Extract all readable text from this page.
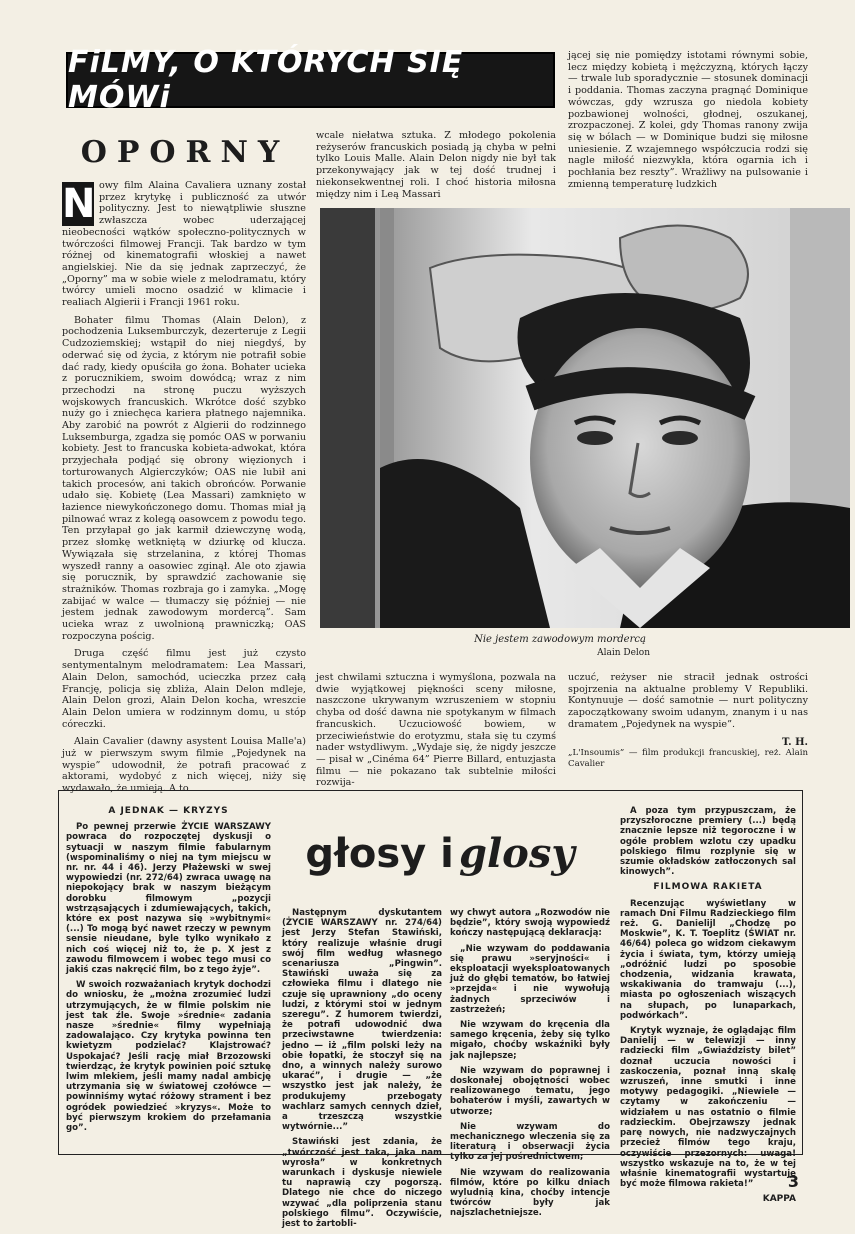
FiLMY, O KTÓRYCH SIĘ MÓWi
OPORNY

N owy film Alaina Cavaliera uznany został przez krytykę i publiczność za utwór polityczny. Jest to niewątpliwie słuszne zwłaszcza wobec uderzającej nieobecności wątków społeczno-politycznych w twórczości filmowej Francji. Tak bardzo w tym różnej od kinematografii włoskiej a nawet angielskiej. Nie da się jednak zaprzeczyć, że „Oporny” ma w sobie wiele z melodramatu, który twórcy umieli mocno osadzić w klimacie i realiach Algierii i Francji 1961 roku.

Bohater filmu Thomas (Alain Delon), z pochodzenia Luksemburczyk, dezerteruje z Legii Cudzoziemskiej; wstąpił do niej niegdyś, by oderwać się od życia, z którym nie potrafił sobie dać rady, kiedy opuściła go żona. Bohater ucieka z porucznikiem, swoim dowódcą; wraz z nim przechodzi na stronę puczu wyższych wojskowych francuskich. Wkrótce dość szybko nuży go i zniechęca kariera płatnego najemnika. Aby zarobić na powrót z Algierii do rodzinnego Luksemburga, zgadza się pomóc OAS w porwaniu kobiety. Jest to francuska kobieta-adwokat, która przyjechała podjąć się obrony więzionych i torturowanych Algierczyków; OAS nie lubił ani takich procesów, ani takich obrońców. Porwanie udało się. Kobietę (Lea Massari) zamknięto w łazience niewykończonego domu. Thomas miał ją pilnować wraz z kolegą oasowcem z powodu tego. Ten przyłapał go jak karmił dziewczynę wodą, przez słomkę wetkniętą w dziurkę od klucza. Wywiązała się strzelanina, z której Thomas wyszedł ranny a oasowiec zginął. Ale oto zjawia się porucznik, by sprawdzić zachowanie się strażników. Thomas rozbraja go i zamyka. „Mogę zabijać w walce — tłumaczy się później — nie jestem jednak zawodowym mordercą”. Sam ucieka wraz z uwolnioną prawniczką; OAS rozpoczyna pościg.

Druga część filmu jest już czysto sentymentalnym melodramatem: Lea Massari, Alain Delon, samochód, ucieczka przez całą Francję, policja się zbliża, Alain Delon mdleje, Alain Delon grozi, Alain Delon kocha, wreszcie Alain Delon umiera w rodzinnym domu, u stóp córeczki.

Alain Cavalier (dawny asystent Louisa Malle'a) już w pierwszym swym filmie „Pojedynek na wyspie” udowodnił, że potrafi pracować z aktorami, wydobyć z nich więcej, niży się wydawało, że umieją. A to

wcale niełatwa sztuka. Z młodego pokolenia reżyserów francuskich posiadą ją chyba w pełni tylko Louis Malle. Alain Delon nigdy nie był tak przekonywający jak w tej dość trudnej i niekonsekwentnej roli. I choć historia miłosna między nim i Leą Massari

jącej się nie pomiędzy istotami równymi sobie, lecz między kobietą i mężczyzną, których łączy — trwale lub sporadycznie — stosunek dominacji i poddania. Thomas zaczyna pragnąć Dominique wówczas, gdy wzrusza go niedola kobiety pozbawionej wolności, głodnej, oszukanej, zrozpaczonej. Z kolei, gdy Thomas ranony zwija się w bólach — w Dominique budzi się miłosne uniesienie. Z wzajemnego współczucia rodzi się nagle miłość niezwykła, która ogarnia ich i pochłania bez reszty”. Wrażliwy na pulsowanie i zmienną temperaturę ludzkich

Nie jestem zawodowym mordercą
Alain Delon

jest chwilami sztuczna i wymyślona, pozwala na dwie wyjątkowej piękności sceny miłosne, naszczone ukrywanym wzruszeniem w stopniu chyba od dość dawna nie spotykanym w filmach francuskich. Uczuciowość bowiem, w przeciwieństwie do erotyzmu, stała się tu czymś nader wstydliwym. „Wydaje się, że nigdy jeszcze — pisał w „Cinéma 64” Pierre Billard, entuzjasta filmu — nie pokazano tak subtelnie miłości rozwija-

uczuć, reżyser nie stracił jednak ostrości spojrzenia na aktualne problemy V Republiki. Kontynuuje — dość samotnie — nurt polityczny zapoczątkowany swoim udanym, znanym i u nas dramatem „Pojedynek na wyspie”.

T. H.
„L'Insoumis” — film produkcji francuskiej, reż. Alain Cavalier
A JEDNAK — KRYZYS

Po pewnej przerwie ŻYCIE WARSZAWY powraca do rozpoczętej dyskusji o sytuacji w naszym filmie fabularnym (wspominaliśmy o niej na tym miejscu w nr. nr. 44 i 46). Jerzy Płażewski w swej wypowiedzi (nr. 272/64) zwraca uwagę na niepokojący brak w naszym bieżącym dorobku filmowym „pozycji wstrząsających i zdumiewających, takich, które ex post nazywa się »wybitnymi« (...) To mogą być nawet rzeczy w pewnym sensie nieudane, byle tylko wynikało z nich coś więcej niż to, że p. X jest z zawodu filmowcem i wobec tego musi co jakiś czas nakręcić film, bo z tego żyje”.

W swoich rozważaniach krytyk dochodzi do wniosku, że „można zrozumieć ludzi utrzymujących, że w filmie polskim nie jest tak źle. Swoje »średnie« zadania nasze »średnie« filmy wypełniają zadowalająco. Czy krytyka powinna ten kwietyzm podzielać? Klajstrować? Uspokajać? Jeśli rację miał Brzozowski twierdząc, że krytyk powinien poić sztukę lwim mlekiem, jeśli mamy nadal ambicję utrzymania się w światowej czołówce — powinniśmy wytać różowy strament i bez ogródek powiedzieć »kryzys«. Może to być pierwszym krokiem do przełamania go”.

głosy i glosy

Następnym dyskutantem (ŻYCIE WARSZAWY nr. 274/64) jest Jerzy Stefan Stawiński, który realizuje właśnie drugi swój film według własnego scenariusza „Pingwin”. Stawiński uważa się za człowieka filmu i dlatego nie czuje się uprawniony „do oceny ludzi, z którymi stoi w jednym szeregu”. Z humorem twierdzi, że potrafi udowodnić dwa przeciwstawne twierdzenia: jedno — iż „film polski leży na obie łopatki, że stoczył się na dno, a winnych należy surowo ukarać”, i drugie — „że wszystko jest jak należy, że produkujemy przebogaty wachlarz samych cennych dzieł, a trzeszczą wszystkie wytwórnie...”

Stawiński jest zdania, że „twórczość jest taka, jaka nam wyrosła” w konkretnych warunkach i dyskusje niewiele tu naprawią czy pogorszą. Dlatego nie chce do niczego wzywać „dla poliprzenia stanu polskiego filmu”. Oczywiście, jest to żartobli-

wy chwyt autora „Rozwodów nie będzie”, który swoją wypowiedź kończy następującą deklaracją:

„Nie wzywam do poddawania się prawu »seryjności« i eksploatacji wyeksploatowanych już do głębi tematów, bo łatwiej »przejda« i nie wywołują żadnych sprzeciwów i zastrzeżeń;

Nie wzywam do kręcenia dla samego kręcenia, żeby się tylko migało, choćby wskaźniki były jak najlepsze;

Nie wzywam do poprawnej i doskonałej obojętności wobec realizowanego tematu, jego bohaterów i myśli, zawartych w utworze;

Nie wzywam do mechanicznego wleczenia się za literaturą i obserwacji życia tylko za jej pośrednictwem;

Nie wzywam do realizowania filmów, które po kilku dniach wyludnią kina, choćby intencje twórców były jak najszlachetniejsze.

A poza tym przypuszczam, że przyszłoroczne premiery (...) będą znacznie lepsze niż tegoroczne i w ogóle problem wzlotu czy upadku polskiego filmu rozplynie się w szumie okładsków zatłoczonych sal kinowych”.

FILMOWA RAKIETA

Recenzując wyświetlany w ramach Dni Filmu Radzieckiego film reż. G. Danielijl „Chodzę po Moskwie”, K. T. Toeplitz (ŚWIAT nr. 46/64) poleca go widzom ciekawym życia i świata, tym, którzy umieją „odróżnić ludzi po sposobie chodzenia, widzania krawata, wskakiwania do tramwaju (...), miasta po ogłoszeniach wiszących na słupach, po lunaparkach, podwórkach”.

Krytyk wyznaje, że oglądając film Danielij — w telewizji — inny radziecki film „Gwiaździsty bilet” doznał uczucia nowości i zaskoczenia, poznał inną skalę wzruszeń, inne smutki i inne motywy pedagogiki. „Niewiele — czytamy w zakończeniu — widziałem u nas ostatnio o filmie radzieckim. Obejrzawszy jednak parę nowych, nie nadzwyczajnych przecież filmów tego kraju, oczywiście przezornych: uwaga! wszystko wskazuje na to, że w tej właśnie kinematografii wystartuje być może filmowa rakieta!”

KAPPA
3
